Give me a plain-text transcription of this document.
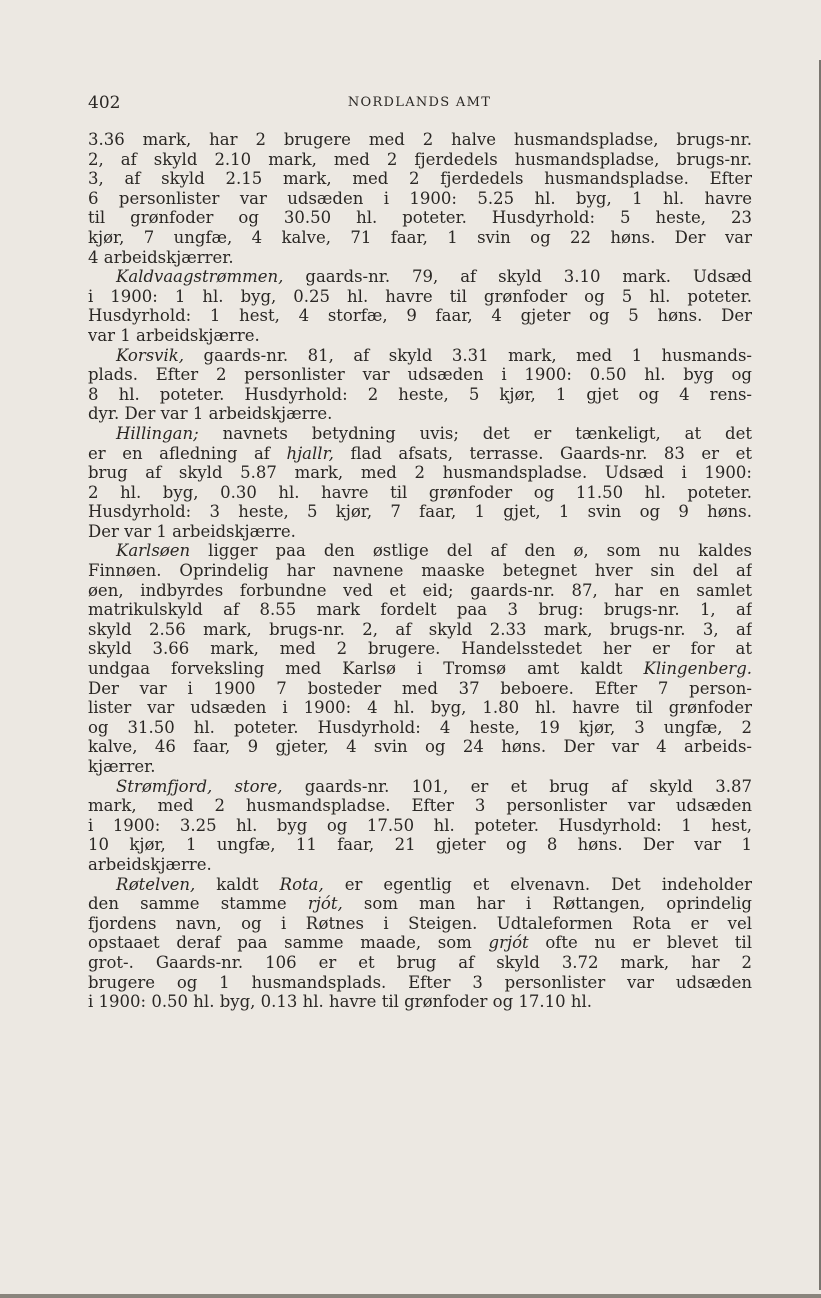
402	NORDLANDS AMT
3.36 mark, har 2 brugere med 2 halve husmandspladse, brugs-nr.
2, af skyld 2.10 mark, med 2 fjerdedels husmandspladse, brugs-nr.
3, af skyld 2.15 mark, med 2 fjerdedels husmandspladse. Efter
6 personlister var udsæden i 1900: 5.25 hl. byg, 1 hl. havre
til grønfoder og 30.50 hl. poteter. Husdyrhold: 5 heste, 23
kjør, 7 ungfæ, 4 kalve, 71 faar, 1 svin og 22 høns. Der var
4 arbeidskjærrer.
Kaldvaagstrømmen, gaards-nr. 79, af skyld 3.10 mark. Udsæd
i 1900: 1 hl. byg, 0.25 hl. havre til grønfoder og 5 hl. poteter.
Husdyrhold: 1 hest, 4 storfæ, 9 faar, 4 gjeter og 5 høns. Der
var 1 arbeidskjærre.
Korsvik, gaards-nr. 81, af skyld 3.31 mark, med 1 husmands-
plads. Efter 2 personlister var udsæden i 1900: 0.50 hl. byg og
8 hl. poteter. Husdyrhold: 2 heste, 5 kjør, 1 gjet og 4 rens-
dyr. Der var 1 arbeidskjærre.
Hillingan; navnets betydning uvis; det er tænkeligt, at det
er en afledning af hjallr, flad afsats, terrasse. Gaards-nr. 83 er et
brug af skyld 5.87 mark, med 2 husmandspladse. Udsæd i 1900:
2 hl. byg, 0.30 hl. havre til grønfoder og 11.50 hl. poteter.
Husdyrhold: 3 heste, 5 kjør, 7 faar, 1 gjet, 1 svin og 9 høns.
Der var 1 arbeidskjærre.
Karlsøen ligger paa den østlige del af den ø, som nu kaldes
Finnøen. Oprindelig har navnene maaske betegnet hver sin del af
øen, indbyrdes forbundne ved et eid; gaards-nr. 87, har en samlet
matrikulskyld af 8.55 mark fordelt paa 3 brug: brugs-nr. 1, af
skyld 2.56 mark, brugs-nr. 2, af skyld 2.33 mark, brugs-nr. 3, af
skyld 3.66 mark, med 2 brugere. Handelsstedet her er for at
undgaa forveksling med Karlsø i Tromsø amt kaldt Klingenberg.
Der var i 1900 7 bosteder med 37 beboere. Efter 7 person-
lister var udsæden i 1900: 4 hl. byg, 1.80 hl. havre til grønfoder
og 31.50 hl. poteter. Husdyrhold: 4 heste, 19 kjør, 3 ungfæ, 2
kalve, 46 faar, 9 gjeter, 4 svin og 24 høns. Der var 4 arbeids-
kjærrer.
Strømfjord, store, gaards-nr. 101, er et brug af skyld 3.87
mark, med 2 husmandspladse. Efter 3 personlister var udsæden
i 1900: 3.25 hl. byg og 17.50 hl. poteter. Husdyrhold: 1 hest,
10 kjør, 1 ungfæ, 11 faar, 21 gjeter og 8 høns. Der var 1
arbeidskjærre.
Røtelven, kaldt Rota, er egentlig et elvenavn. Det indeholder
den samme stamme rjót, som man har i Røttangen, oprindelig
fjordens navn, og i Røtnes i Steigen. Udtaleformen Rota er vel
opstaaet deraf paa samme maade, som grjót ofte nu er blevet til
grot-. Gaards-nr. 106 er et brug af skyld 3.72 mark, har 2
brugere og 1 husmandsplads. Efter 3 personlister var udsæden
i 1900: 0.50 hl. byg, 0.13 hl. havre til grønfoder og 17.10 hl.
